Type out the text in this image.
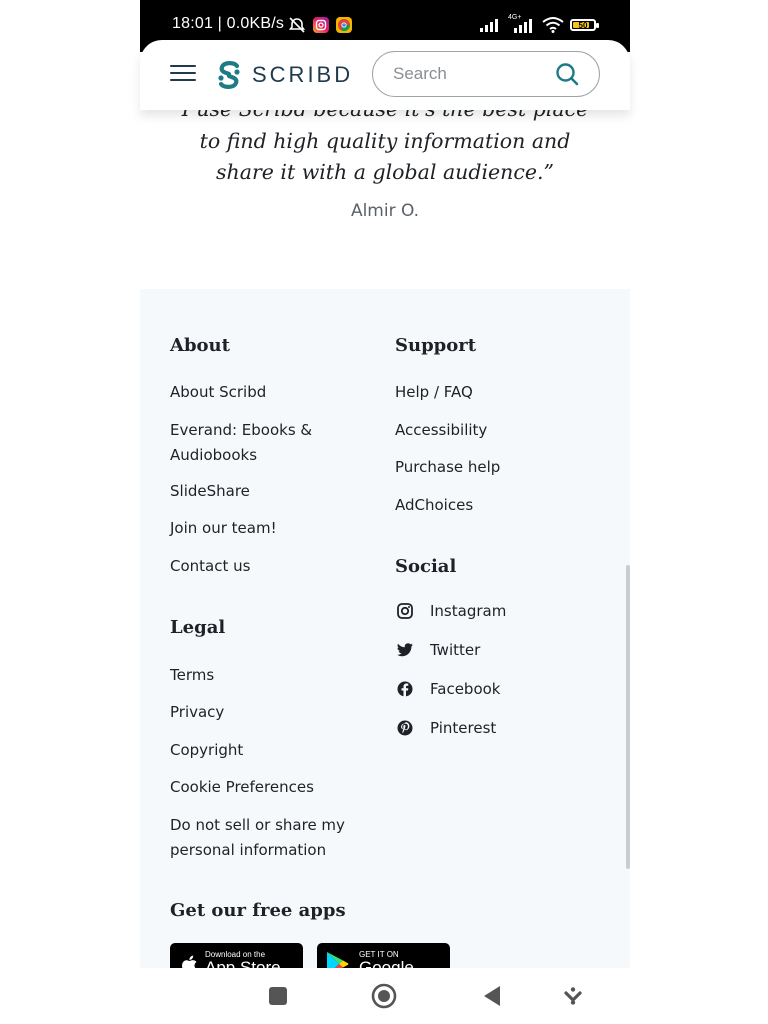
18:01 | 0.0KB/s	4G+
50
SCRIBD Search
to find high quality information and share it with a global audience.”
Almir O.
About
About Scribd
Everand: Ebooks &
Audiobooks
SlideShare
Join our team!
Contact us
Legal
Terms
Privacy
Copyright
Cookie Preferences
Do not sell or share my
personal information
Support
Help / FAQ
Accessibility
Purchase help
AdChoices
Social
Instagram
Twitter
Facebook
Pinterest
Get our free apps
Download on the	GET IT ON
